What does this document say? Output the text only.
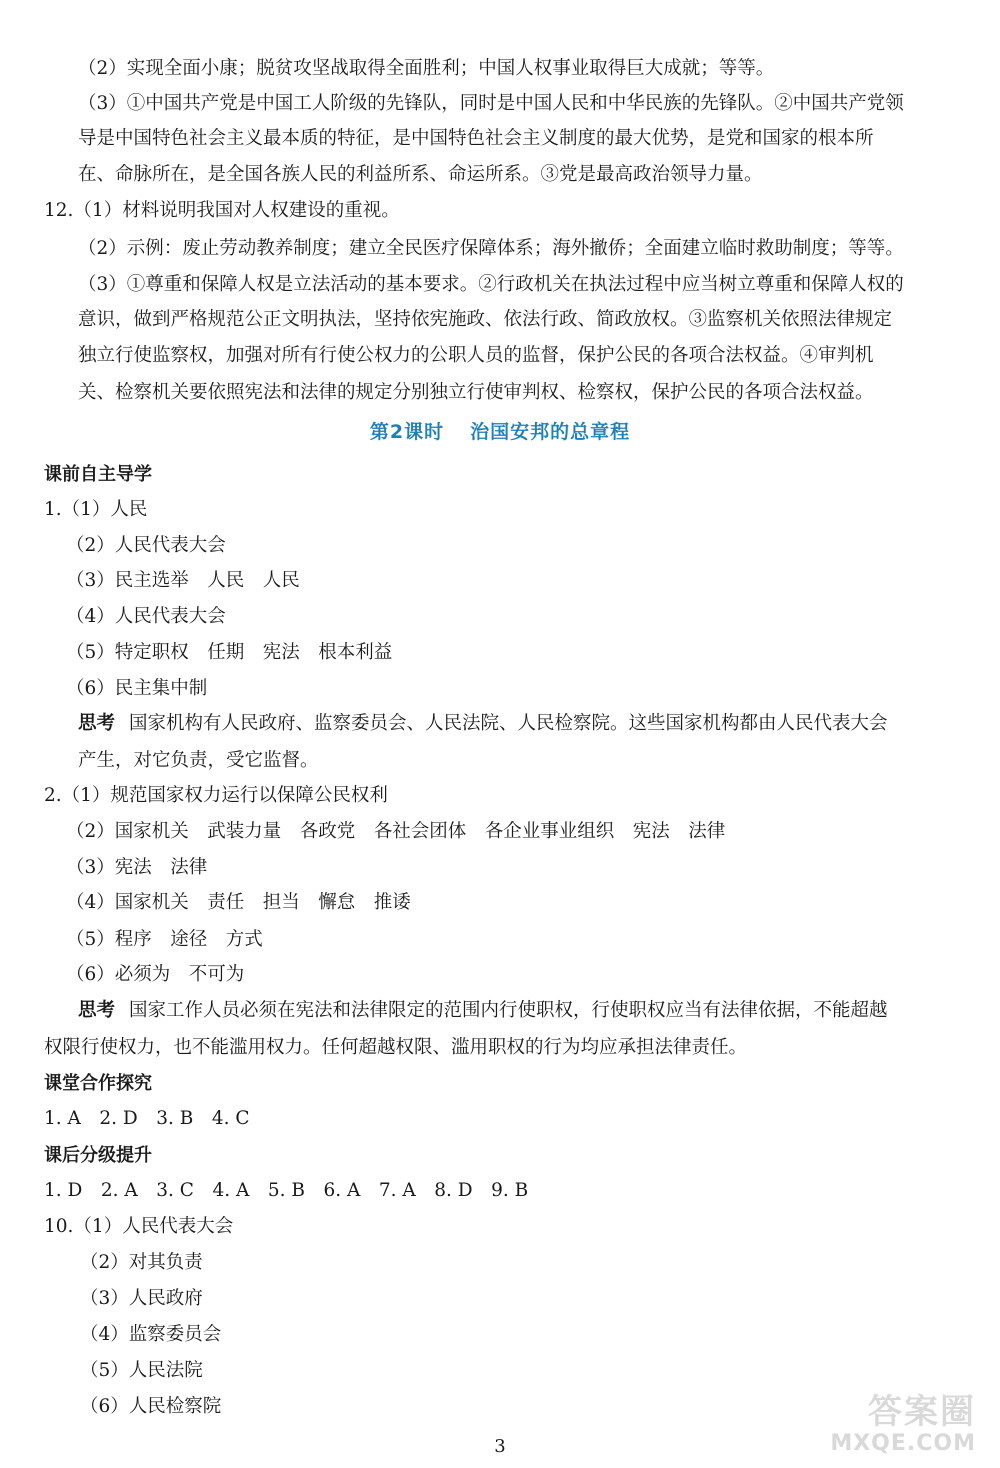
（2）实现全面小康；脱贫攻坚战取得全面胜利；中国人权事业取得巨大成就；等等。
（3）①中国共产党是中国工人阶级的先锋队，同时是中国人民和中华民族的先锋队。②中国共产党领
导是中国特色社会主义最本质的特征，是中国特色社会主义制度的最大优势，是党和国家的根本所
在、命脉所在，是全国各族人民的利益所系、命运所系。③党是最高政治领导力量。
12.（1）材料说明我国对人权建设的重视。
（2）示例：废止劳动教养制度；建立全民医疗保障体系；海外撤侨；全面建立临时救助制度；等等。
（3）①尊重和保障人权是立法活动的基本要求。②行政机关在执法过程中应当树立尊重和保障人权的
意识，做到严格规范公正文明执法，坚持依宪施政、依法行政、简政放权。③监察机关依照法律规定
独立行使监察权，加强对所有行使公权力的公职人员的监督，保护公民的各项合法权益。④审判机
关、检察机关要依照宪法和法律的规定分别独立行使审判权、检察权，保护公民的各项合法权益。
第2课时 治国安邦的总章程
课前自主导学
1.（1）人民
（2）人民代表大会
（3）民主选举　人民　人民
（4）人民代表大会
（5）特定职权　任期　宪法　根本利益
（6）民主集中制
思考 国家机构有人民政府、监察委员会、人民法院、人民检察院。这些国家机构都由人民代表大会
产生，对它负责，受它监督。
2.（1）规范国家权力运行以保障公民权利
（2）国家机关　武装力量　各政党　各社会团体　各企业事业组织　宪法　法律
（3）宪法　法律
（4）国家机关　责任　担当　懈怠　推诿
（5）程序　途径　方式
（6）必须为　不可为
思考 国家工作人员必须在宪法和法律限定的范围内行使职权，行使职权应当有法律依据，不能超越
权限行使权力，也不能滥用权力。任何超越权限、滥用职权的行为均应承担法律责任。
课堂合作探究
1. A　2. D　3. B　4. C
课后分级提升
1. D　2. A　3. C　4. A　5. B　6. A　7. A　8. D　9. B
10.（1）人民代表大会
（2）对其负责
（3）人民政府
（4）监察委员会
（5）人民法院
（6）人民检察院
3
答案圈
MXQE.COM
